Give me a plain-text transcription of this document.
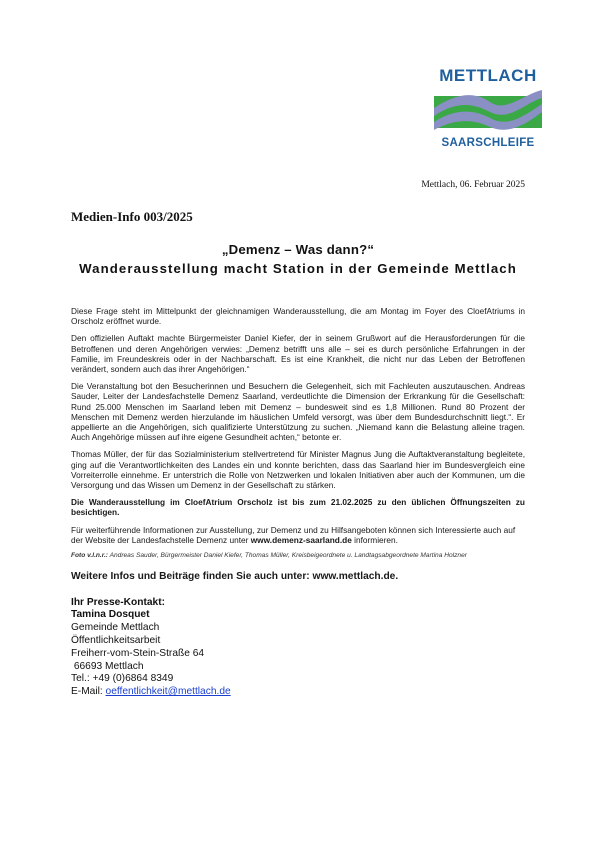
METTLACH
SAARSCHLEIFE
Mettlach, 06. Februar 2025
Medien-Info 003/2025
„Demenz – Was dann?“
Wanderausstellung macht Station in der Gemeinde Mettlach

Diese Frage steht im Mittelpunkt der gleichnamigen Wanderausstellung, die am Montag im Foyer des CloefAtriums in Orscholz eröffnet wurde.

Den offiziellen Auftakt machte Bürgermeister Daniel Kiefer, der in seinem Grußwort auf die Herausforderungen für die Betroffenen und deren Angehörigen verwies: „Demenz betrifft uns alle – sei es durch persönliche Erfahrungen in der Familie, im Freundeskreis oder in der Nachbarschaft. Es ist eine Krankheit, die nicht nur das Leben der Betroffenen verändert, sondern auch das ihrer Angehörigen.“

Die Veranstaltung bot den Besucherinnen und Besuchern die Gelegenheit, sich mit Fachleuten auszutauschen. Andreas Sauder, Leiter der Landesfachstelle Demenz Saarland, verdeutlichte die Dimension der Erkrankung für die Gesellschaft: Rund 25.000 Menschen im Saarland leben mit Demenz – bundesweit sind es 1,8 Millionen. Rund 80 Prozent der Menschen mit Demenz werden hierzulande im häuslichen Umfeld versorgt, was über dem Bundesdurchschnitt liegt.“. Er appellierte an die Angehörigen, sich qualifizierte Unterstützung zu suchen. „Niemand kann die Belastung alleine tragen. Auch Angehörige müssen auf ihre eigene Gesundheit achten,“ betonte er.

Thomas Müller, der für das Sozialministerium stellvertretend für Minister Magnus Jung die Auftaktveranstaltung begleitete, ging auf die Verantwortlichkeiten des Landes ein und konnte berichten, dass das Saarland hier im Bundesvergleich eine Vorreiterrolle einnehme. Er unterstrich die Rolle von Netzwerken und lokalen Initiativen aber auch der Kommunen, um die Versorgung und das Wissen um Demenz in der Gesellschaft zu stärken.

Die Wanderausstellung im CloefAtrium Orscholz ist bis zum 21.02.2025 zu den üblichen Öffnungszeiten zu besichtigen.

Für weiterführende Informationen zur Ausstellung, zur Demenz und zu Hilfsangeboten können sich Interessierte auch auf der Website der Landesfachstelle Demenz unter www.demenz-saarland.de informieren.

Foto v.l.n.r.: Andreas Sauder, Bürgermeister Daniel Kiefer, Thomas Müller, Kreisbeigeordnete u. Landtagsabgeordnete Martina Holzner

Weitere Infos und Beiträge finden Sie auch unter: www.mettlach.de.

Ihr Presse-Kontakt:
Tamina Dosquet
Gemeinde Mettlach
Öffentlichkeitsarbeit
Freiherr-vom-Stein-Straße 64
66693 Mettlach
Tel.: +49 (0)6864 8349
E-Mail: oeffentlichkeit@mettlach.de
